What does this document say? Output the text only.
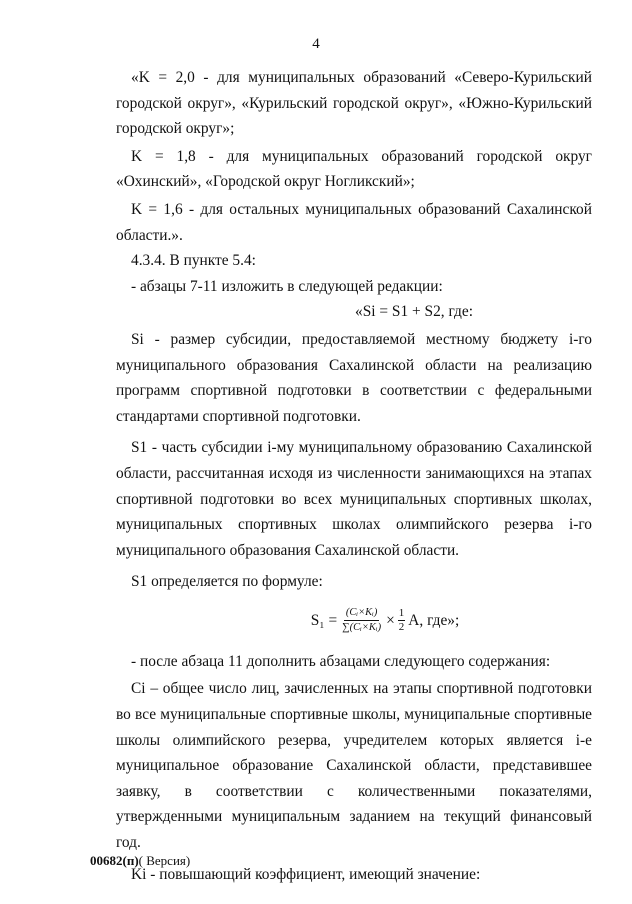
4

«K = 2,0 - для муниципальных образований «Северо-Курильский городской округ», «Курильский городской округ», «Южно-Курильский городской округ»;

K = 1,8 - для муниципальных образований городской округ «Охинский», «Городской округ Ногликский»;

K = 1,6 - для остальных муниципальных образований Сахалинской области.».

4.3.4. В пункте 5.4:

- абзацы 7-11 изложить в следующей редакции:

«Si = S1 + S2, где:

Si - размер субсидии, предоставляемой местному бюджету i-го муниципального образования Сахалинской области на реализацию программ спортивной подготовки в соответствии с федеральными стандартами спортивной подготовки.

S1 - часть субсидии i-му муниципальному образованию Сахалинской области, рассчитанная исходя из численности занимающихся на этапах спортивной подготовки во всех муниципальных спортивных школах, муниципальных спортивных школах олимпийского резерва i-го муниципального образования Сахалинской области.

S1 определяется по формуле:

$S_1 = \frac{\text{(Cᵢ×Kᵢ)}}{\text{∑(Cᵢ×Kᵢ)}} \times \frac{1}{2} A$, где»;

- после абзаца 11 дополнить абзацами следующего содержания:

Ci – общее число лиц, зачисленных на этапы спортивной подготовки во все муниципальные спортивные школы, муниципальные спортивные школы олимпийского резерва, учредителем которых является i-е муниципальное образование Сахалинской области, представившее заявку, в соответствии с количественными показателями, утвержденными муниципальным заданием на текущий финансовый год.

Ki - повышающий коэффициент, имеющий значение:

00682(п)( Версия)
